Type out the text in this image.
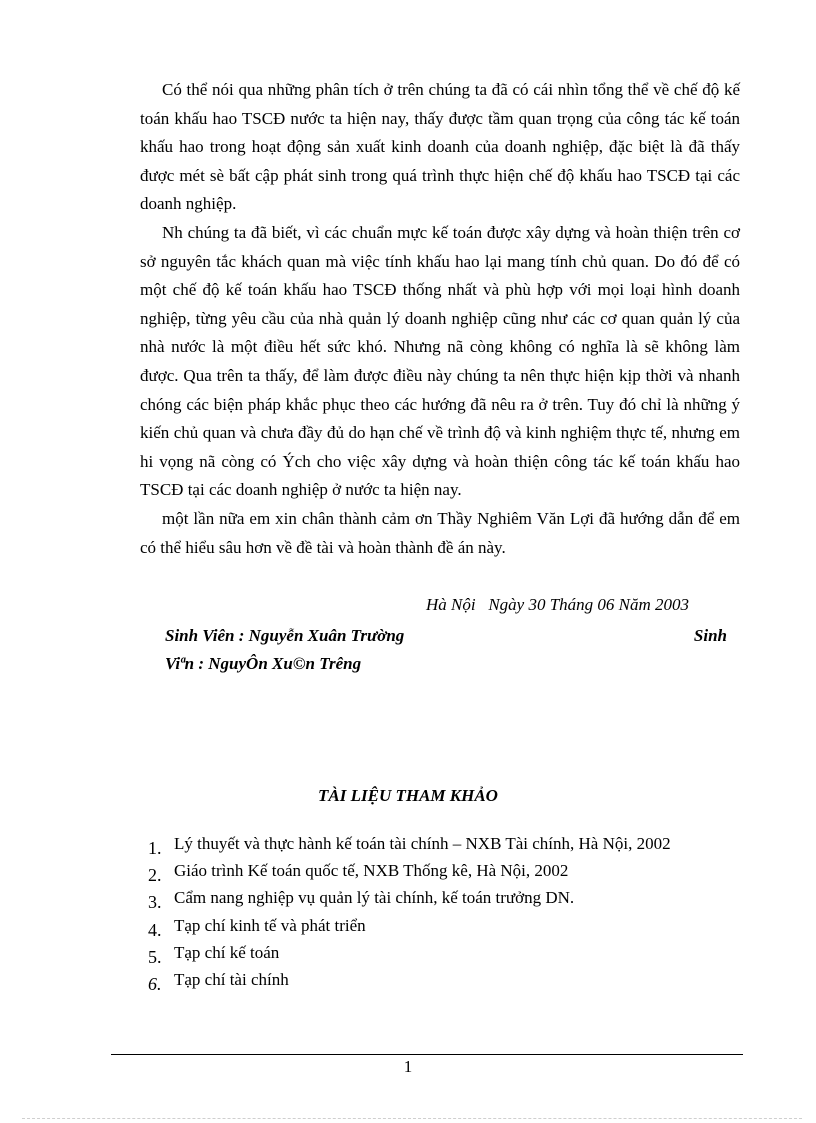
Có thể nói qua những phân tích ở trên chúng ta đã có cái nhìn tổng thể về chế độ kế toán khấu hao TSCĐ nước ta hiện nay, thấy được tầm quan trọng của công tác kế toán khấu hao trong hoạt động sản xuất kinh doanh của doanh nghiệp, đặc biệt là đã thấy được mét sè bất cập phát sinh trong quá trình thực hiện chế độ khấu hao TSCĐ tại các doanh nghiệp.

Nh chúng ta đã biết, vì các chuẩn mực kế toán được xây dựng và hoàn thiện trên cơ sở nguyên tắc khách quan mà việc tính khấu hao lại mang tính chủ quan. Do đó để có một chế độ kế toán khấu hao TSCĐ thống nhất và phù hợp với mọi loại hình doanh nghiệp, từng yêu cầu của nhà quản lý doanh nghiệp cũng như các cơ quan quản lý của nhà nước là một điều hết sức khó. Nhưng nã còng không có nghĩa là sẽ không làm được. Qua trên ta thấy, để làm được điều này chúng ta nên thực hiện kịp thời và nhanh chóng các biện pháp khắc phục theo các hướng đã nêu ra ở trên. Tuy đó chỉ là những ý kiến chủ quan và chưa đầy đủ do hạn chế về trình độ và kinh nghiệm thực tế, nhưng em hi vọng nã còng có Ých cho việc xây dựng và hoàn thiện công tác kế toán khấu hao TSCĐ tại các doanh nghiệp ở nước ta hiện nay.

một lần nữa em xin chân thành cảm ơn Thầy Nghiêm Văn Lợi đã hướng dẫn để em có thể hiểu sâu hơn về đề tài và hoàn thành đề án này.

Hà Nội   Ngày 30 Tháng 06 Năm 2003
Sinh Viên : Nguyễn Xuân Trường	Sinh
Viªn : NguyÔn Xu©n Trêng
TÀI LIỆU THAM KHẢO
1. Lý thuyết và thực hành kế toán tài chính – NXB Tài chính, Hà Nội, 2002
2. Giáo trình Kế toán quốc tế, NXB Thống kê, Hà Nội, 2002
3. Cẩm nang nghiệp vụ quản lý tài chính, kế toán trưởng DN.
4. Tạp chí kinh tế và phát triển
5. Tạp chí kế toán
6. Tạp chí tài chính
1
